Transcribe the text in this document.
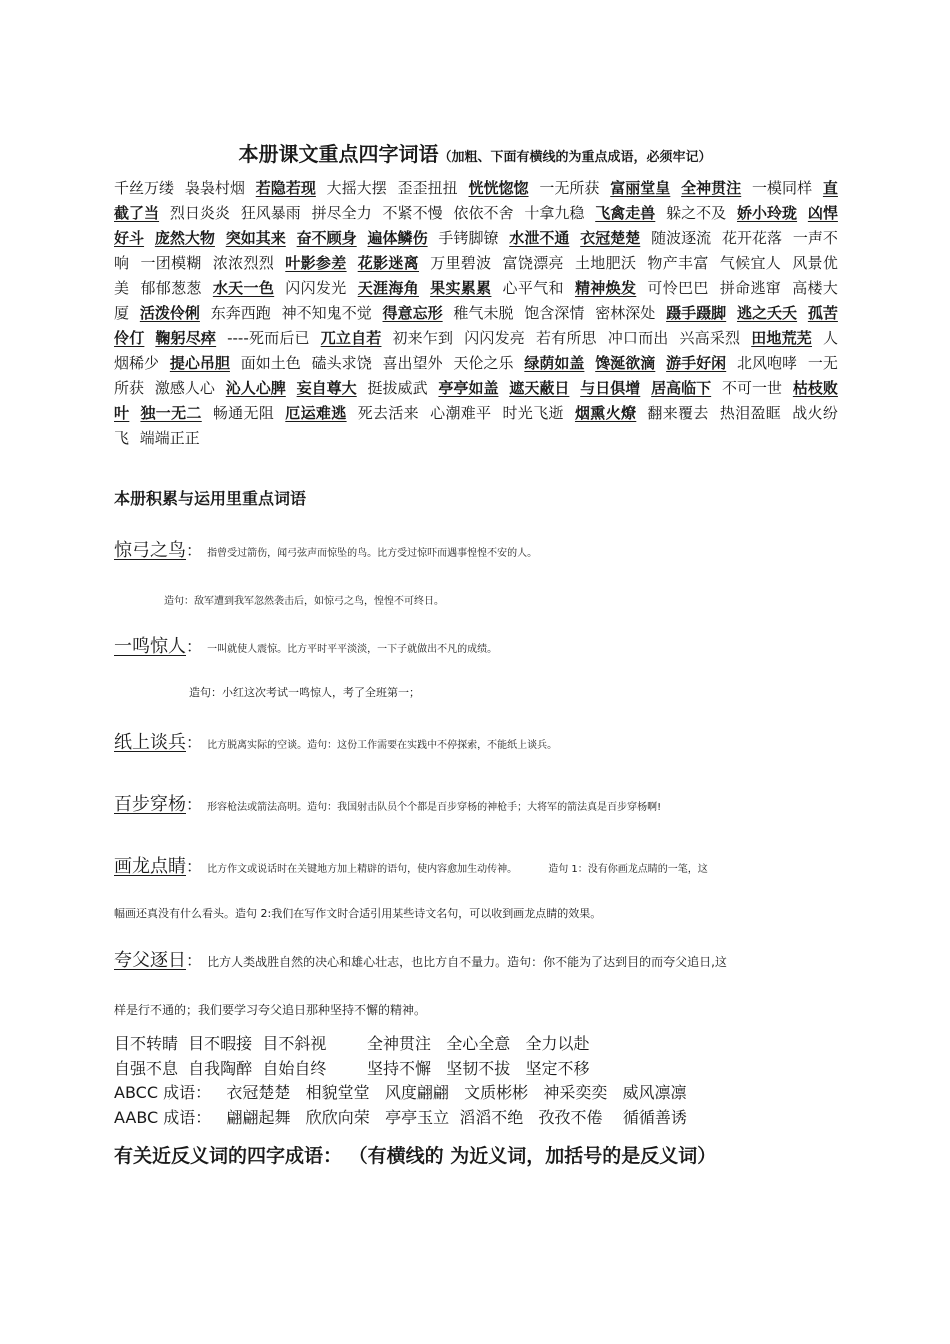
本册课文重点四字词语（加粗、下面有横线的为重点成语，必须牢记）
千丝万缕 袅袅村烟 若隐若现 大摇大摆 歪歪扭扭 恍恍惚惚 一无所获 富丽堂皇 全神贯注 一模同样 直截了当 烈日炎炎 狂风暴雨 拼尽全力 不紧不慢 依依不舍 十拿九稳 飞禽走兽 躲之不及 娇小玲珑 凶悍好斗 庞然大物 突如其来 奋不顾身 遍体鳞伤 手铐脚镣 水泄不通 衣冠楚楚 随波逐流 花开花落 一声不响 一团模糊 浓浓烈烈 叶影参差 花影迷离 万里碧波 富饶漂亮 土地肥沃 物产丰富 气候宜人 风景优美 郁郁葱葱 水天一色 闪闪发光 天涯海角 果实累累 心平气和 精神焕发 可怜巴巴 拼命逃窜 高楼大厦 活泼伶俐 东奔西跑 神不知鬼不觉 得意忘形 稚气未脱 饱含深情 密林深处 蹑手蹑脚 逃之夭夭 孤苦伶仃 鞠躬尽瘁 ----死而后已 兀立自若 初来乍到 闪闪发亮 若有所思 冲口而出 兴高采烈 田地荒芜 人烟稀少 提心吊胆 面如土色 磕头求饶 喜出望外 天伦之乐 绿荫如盖 馋涎欲滴 游手好闲 北风咆哮 一无所获 激感人心 沁人心脾 妄自尊大 挺拔威武 亭亭如盖 遮天蔽日 与日俱增 居高临下 不可一世 枯枝败叶 独一无二 畅通无阻 厄运难逃 死去活来 心潮难平 时光飞逝 烟熏火燎 翻来覆去 热泪盈眶 战火纷飞 端端正正
本册积累与运用里重点词语
惊弓之鸟： 指曾受过箭伤，闻弓弦声而惊坠的鸟。比方受过惊吓而遇事惶惶不安的人。
造句：敌军遭到我军忽然袭击后，如惊弓之鸟，惶惶不可终日。
一鸣惊人： 一叫就使人震惊。比方平时平平淡淡，一下子就做出不凡的成绩。
造句：小红这次考试一鸣惊人，考了全班第一；
纸上谈兵： 比方脱离实际的空谈。造句：这份工作需要在实践中不停探索，不能纸上谈兵。
百步穿杨： 形容枪法或箭法高明。造句：我国射击队员个个都是百步穿杨的神枪手；大将军的箭法真是百步穿杨啊!
画龙点睛： 比方作文或说话时在关键地方加上精辟的语句，使内容愈加生动传神。	造句 1：没有你画龙点睛的一笔，这
幅画还真没有什么看头。造句 2:我们在写作文时合适引用某些诗文名句，可以收到画龙点睛的效果。
夸父逐日： 比方人类战胜自然的决心和雄心壮志，也比方自不量力。造句：你不能为了达到目的而夸父追日,这
样是行不通的；我们要学习夸父追日那种坚持不懈的精神。
目不转睛  目不暇接  目不斜视        全神贯注   全心全意   全力以赴
自强不息  自我陶醉  自始自终        坚持不懈   坚韧不拔   坚定不移
ABCC 成语：   衣冠楚楚   相貌堂堂   风度翩翩   文质彬彬   神采奕奕   威风凛凛
AABC 成语：   翩翩起舞   欣欣向荣   亭亭玉立  滔滔不绝   孜孜不倦    循循善诱
有关近反义词的四字成语： （有横线的 为近义词，加括号的是反义词）
